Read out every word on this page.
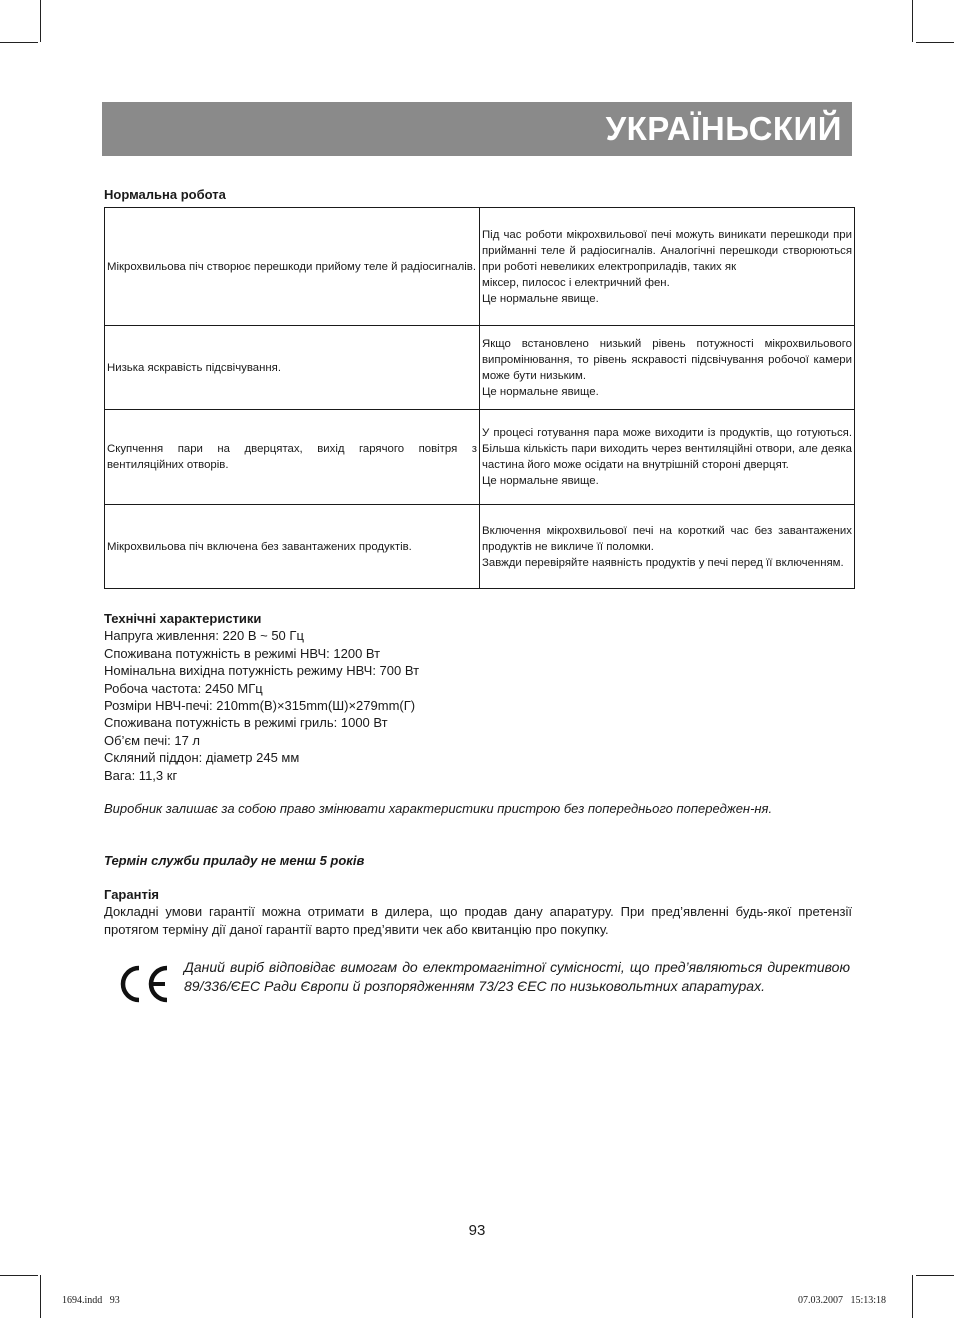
УКРАЇНЬСКИЙ
Нормальна робота
Мікрохвильова піч створює перешкоди прийому теле й радіосигналів.	Під час роботи мікрохвильової печі можуть виникати перешкоди при прийманні теле й радіосигналів. Аналогічні перешкоди створюються при роботі невеликих електроприладів, таких як
міксер, пилосос і електричний фен.
Це нормальне явище.

Низька яскравість підсвічування.	Якщо встановлено низький рівень потужності мікрохвильового випромінювання, то рівень яскравості підсвічування робочої камери може бути низьким.
Це нормальне явище.

Скупчення пари на дверцятах, вихід гарячого повітря з вентиляційних отворів.	У процесі готування пара може виходити із продуктів, що готуються. Більша кількість пари виходить через вентиляційні отвори, але деяка частина його може осідати на внутрішній стороні дверцят.
Це нормальне явище.

Мікрохвильова піч включена без завантажених продуктів.	Включення мікрохвильової печі на короткий час без завантажених продуктів не викличе її поломки.
Завжди перевіряйте наявність продуктів у печі перед її включенням.
Технічні характеристики
Напруга живлення: 220 В ~ 50 Гц
Споживана потужність в режимі НВЧ: 1200 Вт
Номінальна вихідна потужність режиму НВЧ: 700 Вт
Робоча частота: 2450 МГц
Розміри НВЧ-печі: 210mm(В)×315mm(Ш)×279mm(Г)
Споживана потужність в режимі гриль: 1000 Вт
Об’єм печі: 17 л
Скляний піддон: діаметр 245 мм
Вага: 11,3 кг
Виробник залишає за собою право змінювати характеристики пристрою без попереднього попереджен-ня.
Термін служби приладу не менш 5 років
Гарантія
Докладні умови гарантії можна отримати в дилера, що продав дану апаратуру. При пред’явленні будь-якої претензії протягом терміну дії даної гарантії варто пред’явити чек або квитанцію про покупку.
Даний виріб відповідає вимогам до електромагнітної сумісності, що пред’являються директивою 89/336/ЄЕС Ради Європи й розпорядженням 73/23 ЄЕС по низьковольтних апаратурах.
93
1694.indd   93	07.03.2007   15:13:18
